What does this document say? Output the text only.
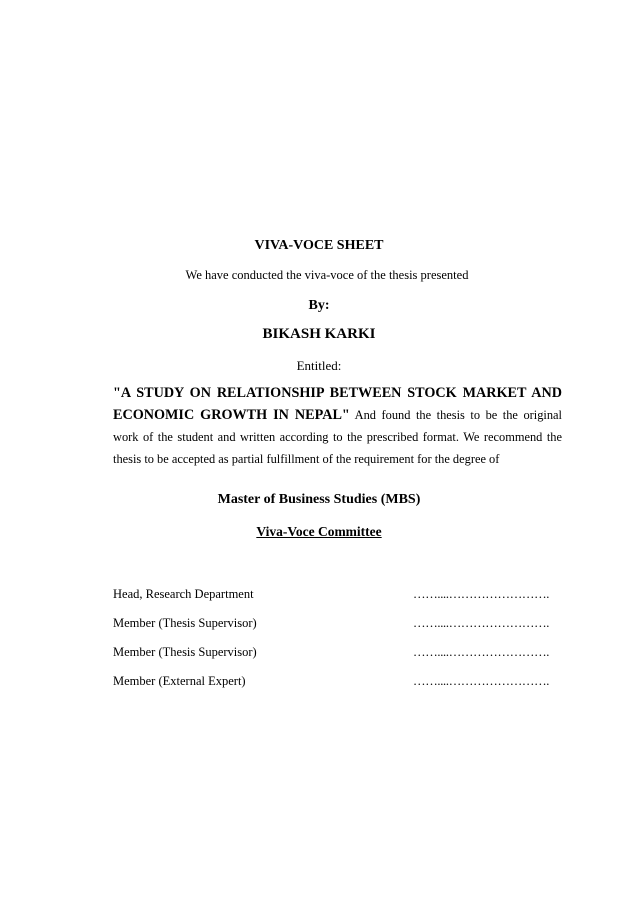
VIVA-VOCE SHEET
We have conducted the viva-voce of the thesis presented
By:
BIKASH KARKI
Entitled:
"A STUDY ON RELATIONSHIP BETWEEN STOCK MARKET AND ECONOMIC GROWTH IN NEPAL" And found the thesis to be the original work of the student and written according to the prescribed format. We recommend the thesis to be accepted as partial fulfillment of the requirement for the degree of
Master of Business Studies (MBS)
Viva-Voce Committee
Head, Research Department	……....…………………….
Member (Thesis Supervisor)	……....…………………….
Member (Thesis Supervisor)	……....…………………….
Member (External Expert)	……....…………………….
